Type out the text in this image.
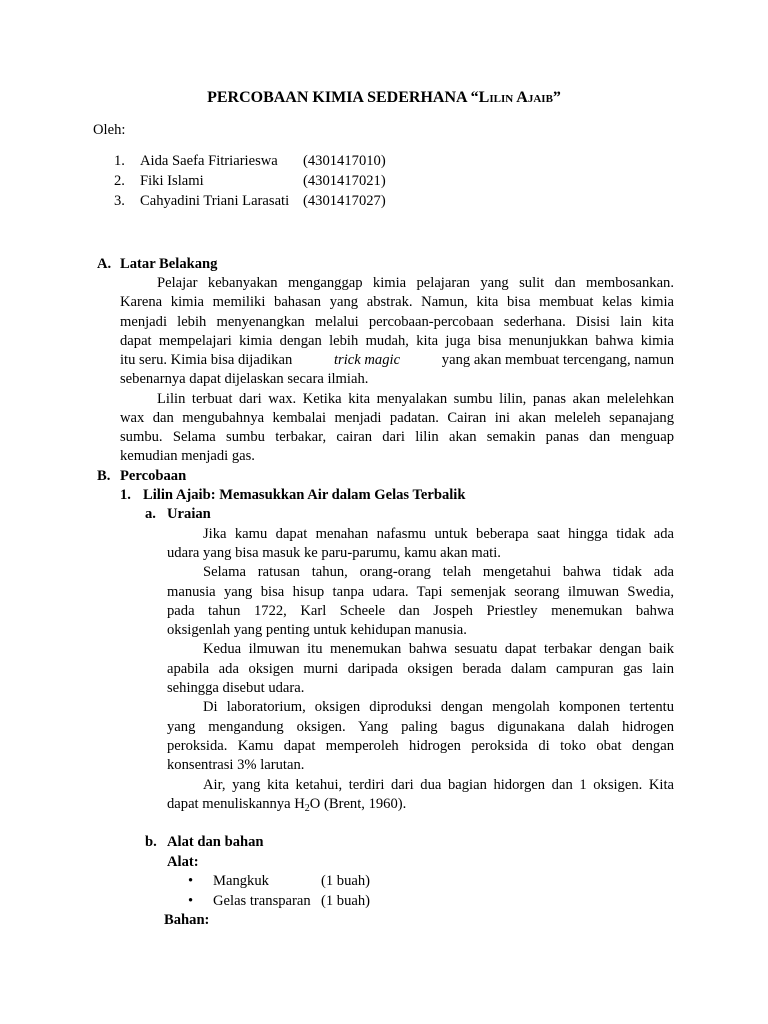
PERCOBAAN KIMIA SEDERHANA “Lilin Ajaib”
Oleh:
1. Aida Saefa Fitriarieswa (4301417010)
2. Fiki Islami	(4301417021)
3. Cahyadini Triani Larasati (4301417027)
A. Latar Belakang
Pelajar kebanyakan menganggap kimia pelajaran yang sulit dan membosankan.
Karena kimia memiliki bahasan yang abstrak. Namun, kita bisa membuat kelas kimia
menjadi lebih menyenangkan melalui percobaan-percobaan sederhana. Disisi lain kita
dapat mempelajari kimia dengan lebih mudah, kita juga bisa menunjukkan bahwa kimia
itu seru. Kimia bisa dijadikan	trick magic	yang akan membuat tercengang, namun
sebenarnya dapat dijelaskan secara ilmiah.
Lilin terbuat dari wax. Ketika kita menyalakan sumbu lilin, panas akan melelehkan
wax dan mengubahnya kembalai menjadi padatan. Cairan ini akan meleleh sepanajang
sumbu. Selama sumbu terbakar, cairan dari lilin akan semakin panas dan menguap
kemudian menjadi gas.
B. Percobaan
1. Lilin Ajaib: Memasukkan Air dalam Gelas Terbalik
a. Uraian
Jika kamu dapat menahan nafasmu untuk beberapa saat hingga tidak ada
udara yang bisa masuk ke paru-parumu, kamu akan mati.
Selama ratusan tahun, orang-orang telah mengetahui bahwa tidak ada
manusia yang bisa hisup tanpa udara. Tapi semenjak seorang ilmuwan Swedia,
pada tahun 1722, Karl Scheele dan Jospeh Priestley menemukan bahwa
oksigenlah yang penting untuk kehidupan manusia.
Kedua ilmuwan itu menemukan bahwa sesuatu dapat terbakar dengan baik
apabila ada oksigen murni daripada oksigen berada dalam campuran gas lain
sehingga disebut udara.
Di laboratorium, oksigen diproduksi dengan mengolah komponen tertentu
yang mengandung oksigen. Yang paling bagus digunakana dalah hidrogen
peroksida. Kamu dapat memperoleh hidrogen peroksida di toko obat dengan
konsentrasi 3% larutan.
Air, yang kita ketahui, terdiri dari dua bagian hidorgen dan 1 oksigen. Kita
dapat menuliskannya $H_2O$ (Brent, 1960).
b. Alat dan bahan
Alat:
• Mangkuk	(1 buah)
• Gelas transparan (1 buah)
Bahan:
